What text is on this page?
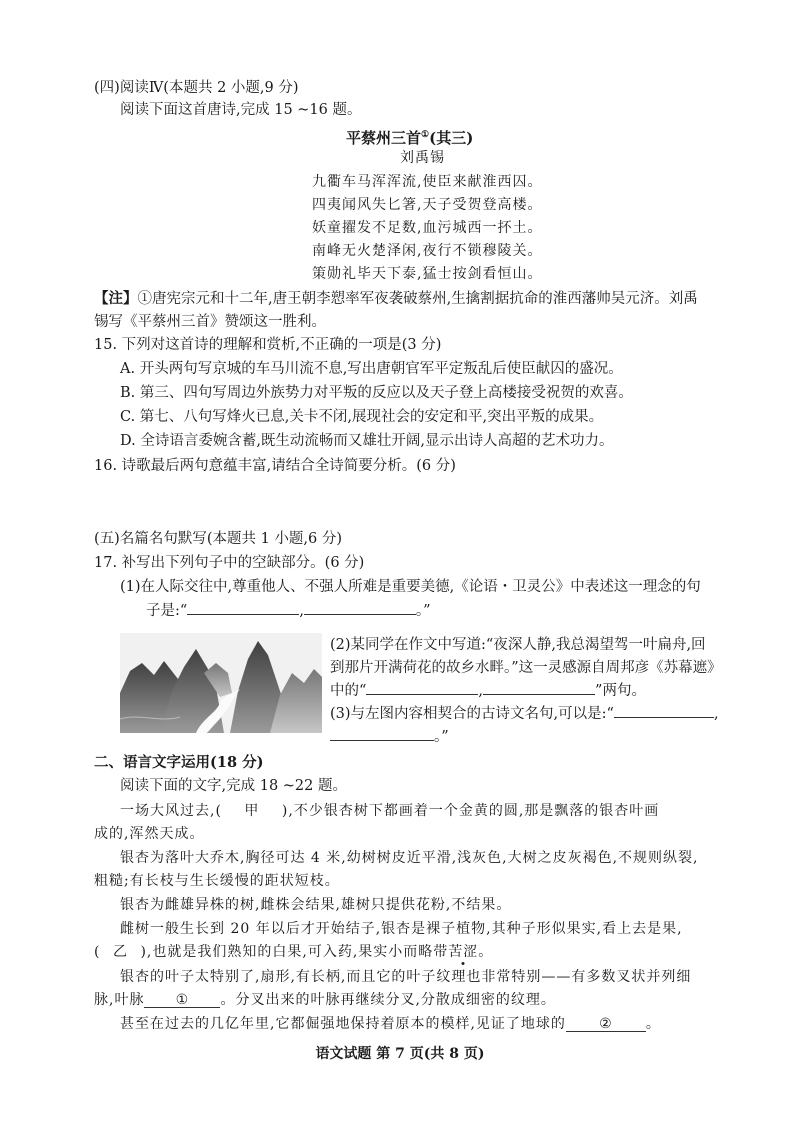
(四)阅读Ⅳ(本题共 2 小题,9 分)
阅读下面这首唐诗,完成 15 ~16 题。
平蔡州三首①(其三)
刘禹锡
九衢车马浑浑流,使臣来献淮西囚。
四夷闻风失匕箸,天子受贺登高楼。
妖童擢发不足数,血污城西一抔土。
南峰无火楚泽闲,夜行不锁穆陵关。
策勋礼毕天下泰,猛士按剑看恒山。
【注】①唐宪宗元和十二年,唐王朝李愬率军夜袭破蔡州,生擒割据抗命的淮西藩帅吴元济。刘禹
锡写《平蔡州三首》赞颂这一胜利。
15. 下列对这首诗的理解和赏析,不正确的一项是(3 分)
A. 开头两句写京城的车马川流不息,写出唐朝官军平定叛乱后使臣献囚的盛况。
B. 第三、四句写周边外族势力对平叛的反应以及天子登上高楼接受祝贺的欢喜。
C. 第七、八句写烽火已息,关卡不闭,展现社会的安定和平,突出平叛的成果。
D. 全诗语言委婉含蓄,既生动流畅而又雄壮开阔,显示出诗人高超的艺术功力。
16. 诗歌最后两句意蕴丰富,请结合全诗简要分析。(6 分)
(五)名篇名句默写(本题共 1 小题,6 分)
17. 补写出下列句子中的空缺部分。(6 分)
(1)在人际交往中,尊重他人、不强人所难是重要美德,《论语・卫灵公》中表述这一理念的句
子是:“	,	。”
(2)某同学在作文中写道:“夜深人静,我总渴望驾一叶扁舟,回
到那片开满荷花的故乡水畔。”这一灵感源自周邦彦《苏幕遮》
中的“	,	”两句。
(3)与左图内容相契合的古诗文名句,可以是:“	,
。”
二、语言文字运用(18 分)
阅读下面的文字,完成 18 ~22 题。
一场大风过去,( 甲 ),不少银杏树下都画着一个金黄的圆,那是飘落的银杏叶画
成的,浑然天成。
银杏为落叶大乔木,胸径可达 4 米,幼树树皮近平滑,浅灰色,大树之皮灰褐色,不规则纵裂,
粗糙;有长枝与生长缓慢的距状短枝。
银杏为雌雄异株的树,雌株会结果,雄树只提供花粉,不结果。
雌树一般生长到 20 年以后才开始结子,银杏是裸子植物,其种子形似果实,看上去是果,
( 乙 ),也就是我们熟知的白果,可入药,果实小而略带苦涩。
银杏的叶子太特别了,扇形,有长柄,而且它的叶子纹理也非常特别——有多数叉状并列细
脉,叶脉 ① 。分叉出来的叶脉再继续分叉,分散成细密的纹理。
甚至在过去的几亿年里,它都倔强地保持着原本的模样,见证了地球的 ② 。
语文试题 第 7 页(共 8 页)
